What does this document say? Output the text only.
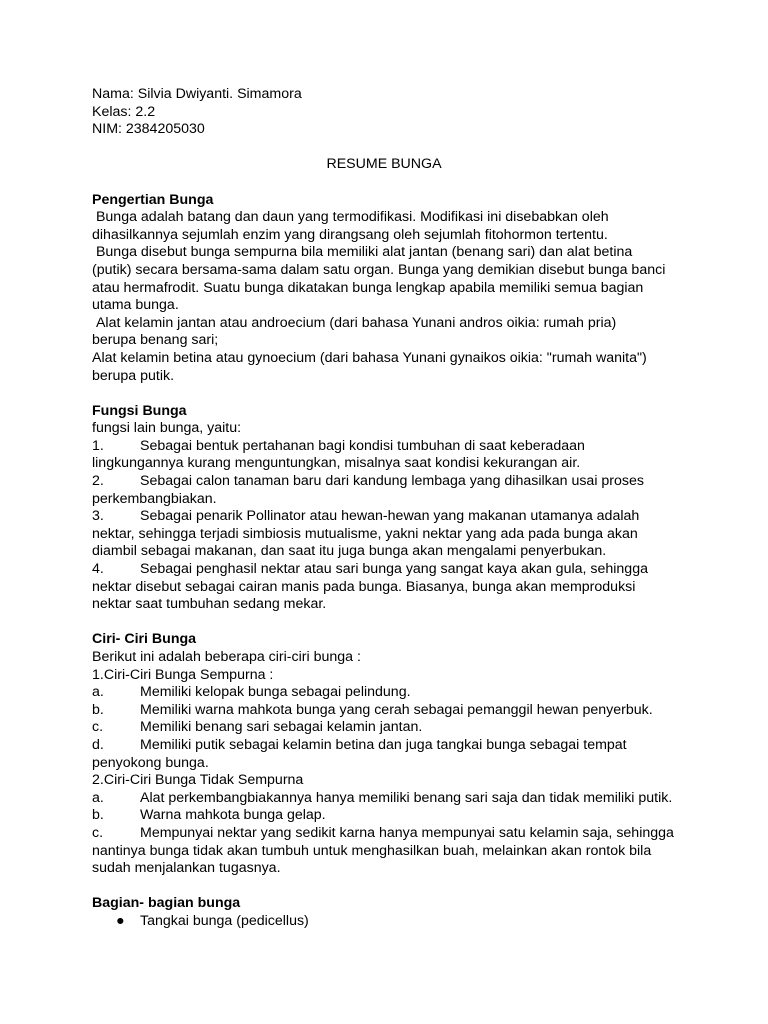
Nama: Silvia Dwiyanti. Simamora
Kelas: 2.2
NIM: 2384205030
RESUME BUNGA
Pengertian Bunga
Bunga adalah batang dan daun yang termodifikasi. Modifikasi ini disebabkan oleh
dihasilkannya sejumlah enzim yang dirangsang oleh sejumlah fitohormon tertentu.
Bunga disebut bunga sempurna bila memiliki alat jantan (benang sari) dan alat betina
(putik) secara bersama-sama dalam satu organ. Bunga yang demikian disebut bunga banci
atau hermafrodit. Suatu bunga dikatakan bunga lengkap apabila memiliki semua bagian
utama bunga.
Alat kelamin jantan atau androecium (dari bahasa Yunani andros oikia: rumah pria)
berupa benang sari;
Alat kelamin betina atau gynoecium (dari bahasa Yunani gynaikos oikia: "rumah wanita")
berupa putik.
Fungsi Bunga
fungsi lain bunga, yaitu:
1.	Sebagai bentuk pertahanan bagi kondisi tumbuhan di saat keberadaan
lingkungannya kurang menguntungkan, misalnya saat kondisi kekurangan air.
2.	Sebagai calon tanaman baru dari kandung lembaga yang dihasilkan usai proses
perkembangbiakan.
3.	Sebagai penarik Pollinator atau hewan-hewan yang makanan utamanya adalah
nektar, sehingga terjadi simbiosis mutualisme, yakni nektar yang ada pada bunga akan
diambil sebagai makanan, dan saat itu juga bunga akan mengalami penyerbukan.
4.	Sebagai penghasil nektar atau sari bunga yang sangat kaya akan gula, sehingga
nektar disebut sebagai cairan manis pada bunga. Biasanya, bunga akan memproduksi
nektar saat tumbuhan sedang mekar.
Ciri- Ciri Bunga
Berikut ini adalah beberapa ciri-ciri bunga :
1.Ciri-Ciri Bunga Sempurna :
a.	Memiliki kelopak bunga sebagai pelindung.
b.	Memiliki warna mahkota bunga yang cerah sebagai pemanggil hewan penyerbuk.
c.	Memiliki benang sari sebagai kelamin jantan.
d.	Memiliki putik sebagai kelamin betina dan juga tangkai bunga sebagai tempat
penyokong bunga.
2.Ciri-Ciri Bunga Tidak Sempurna
a.	Alat perkembangbiakannya hanya memiliki benang sari saja dan tidak memiliki putik.
b.	Warna mahkota bunga gelap.
c.	Mempunyai nektar yang sedikit karna hanya mempunyai satu kelamin saja, sehingga
nantinya bunga tidak akan tumbuh untuk menghasilkan buah, melainkan akan rontok bila
sudah menjalankan tugasnya.
Bagian- bagian bunga
● Tangkai bunga (pedicellus)
